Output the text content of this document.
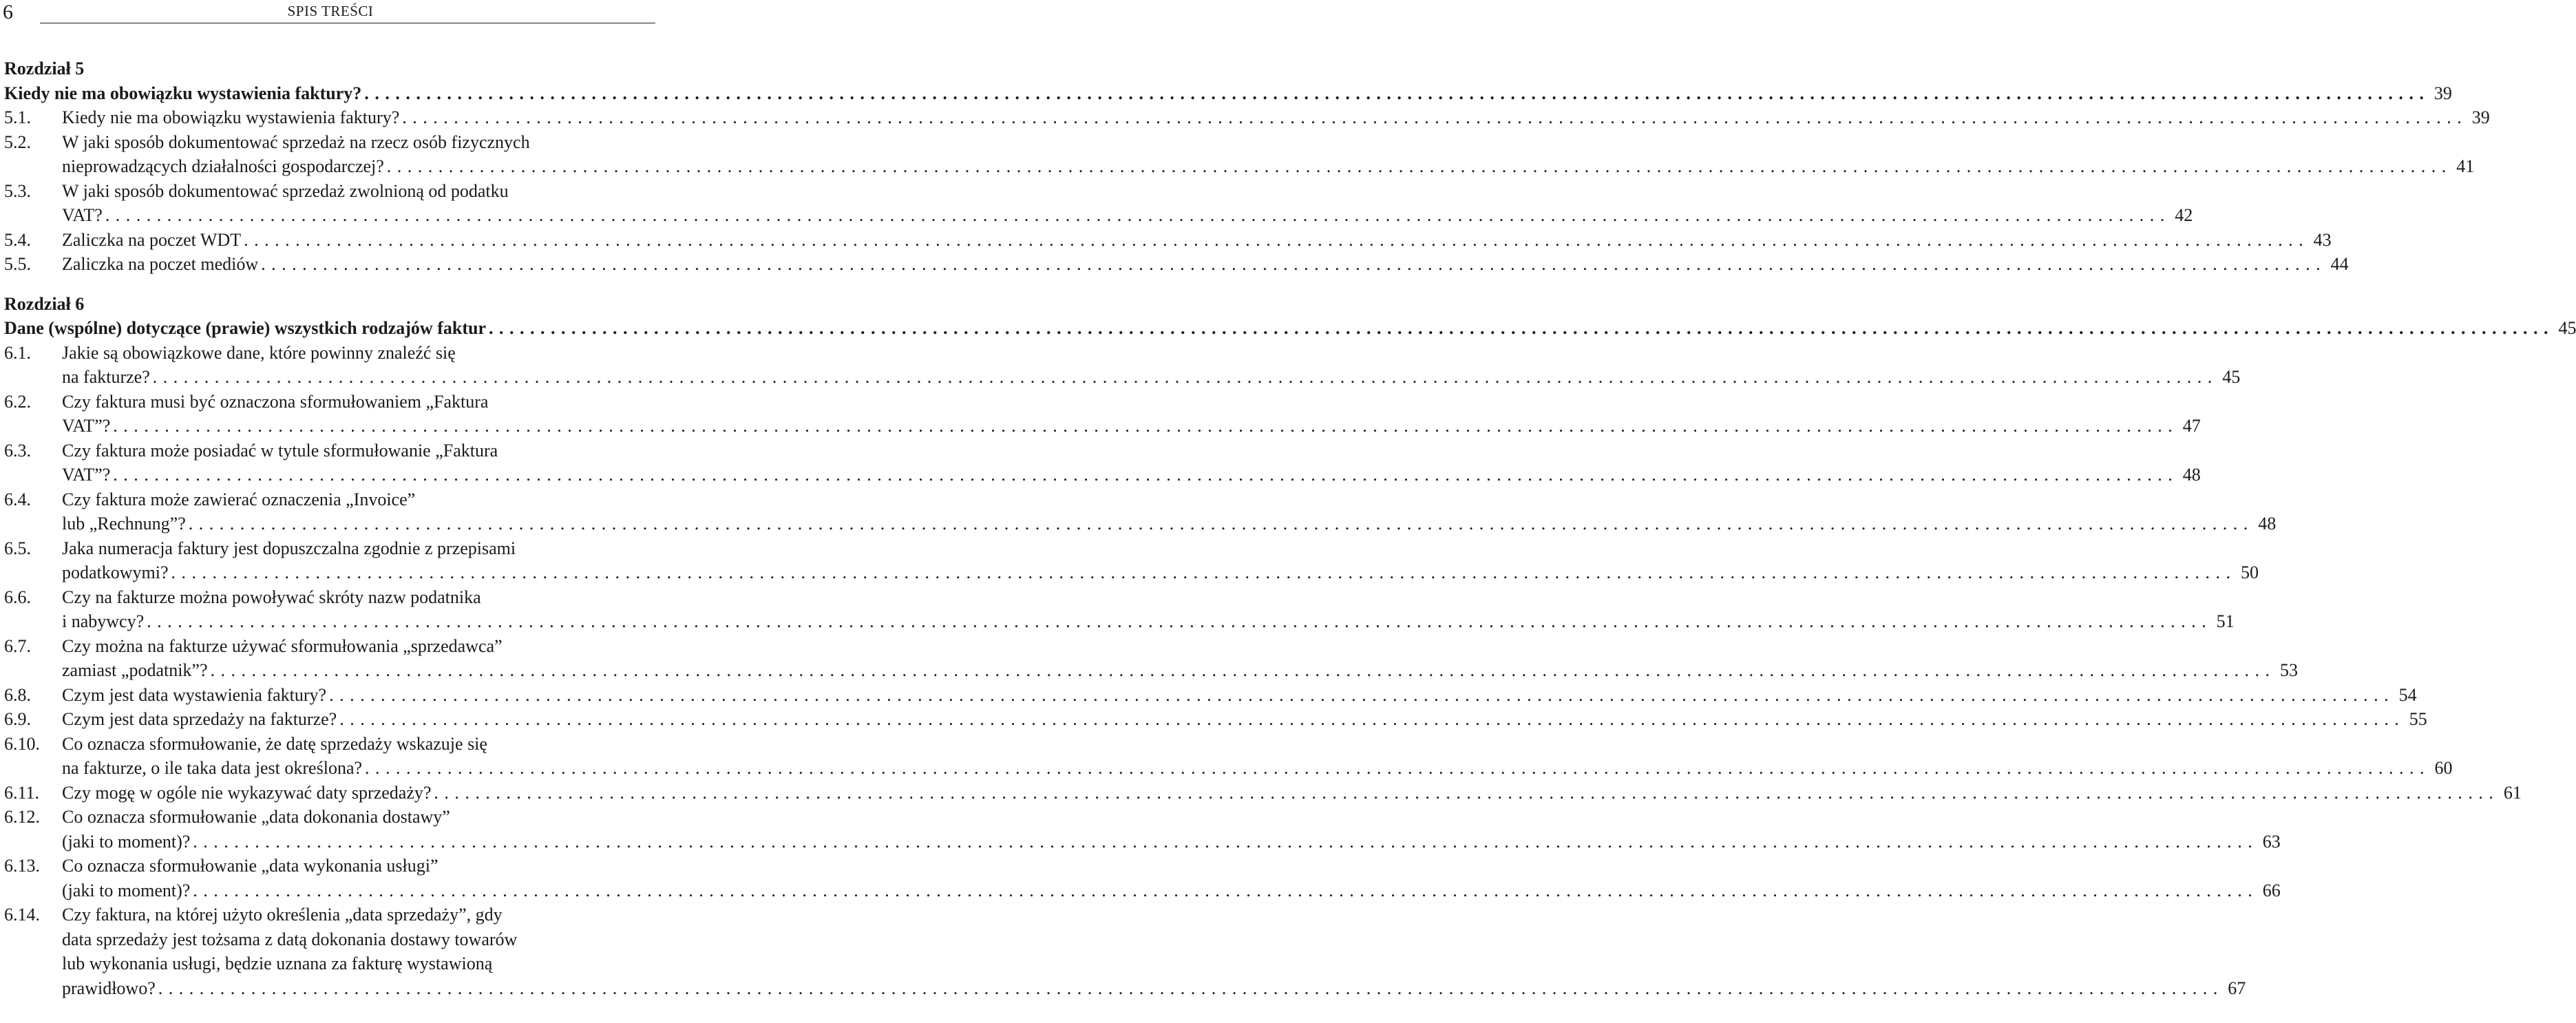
6	SPIS TREŚCI
Rozdział 5
Kiedy nie ma obowiązku wystawienia faktury? . . . . . . . . . . . . . . . . . . . . . . . . . . . . . . . . . . . . . . . . . . . . . . . . . . . . . . . . . . . . . . . . . . . . . . . . . . . . . . . . . . . . . . . . . . . . . . . . . . . . . . . . . . . . . . . . . . . . . . . . . . . . . . . . . . . . . . . . . . . . . . . . . . . . . . . . . . . . . . . . . . . . . . . . . . . . . . . . . . . . . . . . . . . . . . . . . . . . . . . . 39
5.1. Kiedy nie ma obowiązku wystawienia faktury? . . . . . . . . . . . . . . . . . . . . . . . . . . . . . . . . . . . . . . . . . . . . . . . . . . . . . . . . . . . . . . . . . . . . . . . . . . . . . . . . . . . . . . . . . . . . . . . . . . . . . . . . . . . . . . . . . . . . . . . . . . . . . . . . . . . . . . . . . . . . . . . . . . . . . . . . . . . . . . . . . . . . . . . . . . . . . . . . . . . . . . . . . . . . . . . . . . . . . . . . 39
5.2. W jaki sposób dokumentować sprzedaż na rzecz osób fizycznych
nieprowadzących działalności gospodarczej? . . . . . . . . . . . . . . . . . . . . . . . . . . . . . . . . . . . . . . . . . . . . . . . . . . . . . . . . . . . . . . . . . . . . . . . . . . . . . . . . . . . . . . . . . . . . . . . . . . . . . . . . . . . . . . . . . . . . . . . . . . . . . . . . . . . . . . . . . . . . . . . . . . . . . . . . . . . . . . . . . . . . . . . . . . . . . . . . . . . . . . . . . . . . . . . . . . . . . . . . 41
5.3. W jaki sposób dokumentować sprzedaż zwolnioną od podatku
VAT? . . . . . . . . . . . . . . . . . . . . . . . . . . . . . . . . . . . . . . . . . . . . . . . . . . . . . . . . . . . . . . . . . . . . . . . . . . . . . . . . . . . . . . . . . . . . . . . . . . . . . . . . . . . . . . . . . . . . . . . . . . . . . . . . . . . . . . . . . . . . . . . . . . . . . . . . . . . . . . . . . . . . . . . . . . . . . . . . . . . . . . . . . . . . . . . . . . . . . . . . 42
5.4. Zaliczka na poczet WDT . . . . . . . . . . . . . . . . . . . . . . . . . . . . . . . . . . . . . . . . . . . . . . . . . . . . . . . . . . . . . . . . . . . . . . . . . . . . . . . . . . . . . . . . . . . . . . . . . . . . . . . . . . . . . . . . . . . . . . . . . . . . . . . . . . . . . . . . . . . . . . . . . . . . . . . . . . . . . . . . . . . . . . . . . . . . . . . . . . . . . . . . . . . . . . . . . . . . . . . . 43
5.5. Zaliczka na poczet mediów . . . . . . . . . . . . . . . . . . . . . . . . . . . . . . . . . . . . . . . . . . . . . . . . . . . . . . . . . . . . . . . . . . . . . . . . . . . . . . . . . . . . . . . . . . . . . . . . . . . . . . . . . . . . . . . . . . . . . . . . . . . . . . . . . . . . . . . . . . . . . . . . . . . . . . . . . . . . . . . . . . . . . . . . . . . . . . . . . . . . . . . . . . . . . . . . . . . . . . . . 44
Rozdział 6
Dane (wspólne) dotyczące (prawie) wszystkich rodzajów faktur . . . . . . . . . . . . . . . . . . . . . . . . . . . . . . . . . . . . . . . . . . . . . . . . . . . . . . . . . . . . . . . . . . . . . . . . . . . . . . . . . . . . . . . . . . . . . . . . . . . . . . . . . . . . . . . . . . . . . . . . . . . . . . . . . . . . . . . . . . . . . . . . . . . . . . . . . . . . . . . . . . . . . . . . . . . . . . . . . . . . . . . . . . . . . . . . . . . . . . . . 45
6.1. Jakie są obowiązkowe dane, które powinny znaleźć się
na fakturze? . . . . . . . . . . . . . . . . . . . . . . . . . . . . . . . . . . . . . . . . . . . . . . . . . . . . . . . . . . . . . . . . . . . . . . . . . . . . . . . . . . . . . . . . . . . . . . . . . . . . . . . . . . . . . . . . . . . . . . . . . . . . . . . . . . . . . . . . . . . . . . . . . . . . . . . . . . . . . . . . . . . . . . . . . . . . . . . . . . . . . . . . . . . . . . . . . . . . . . . . 45
6.2. Czy faktura musi być oznaczona sformułowaniem „Faktura
VAT”? . . . . . . . . . . . . . . . . . . . . . . . . . . . . . . . . . . . . . . . . . . . . . . . . . . . . . . . . . . . . . . . . . . . . . . . . . . . . . . . . . . . . . . . . . . . . . . . . . . . . . . . . . . . . . . . . . . . . . . . . . . . . . . . . . . . . . . . . . . . . . . . . . . . . . . . . . . . . . . . . . . . . . . . . . . . . . . . . . . . . . . . . . . . . . . . . . . . . . . . . 47
6.3. Czy faktura może posiadać w tytule sformułowanie „Faktura
VAT”? . . . . . . . . . . . . . . . . . . . . . . . . . . . . . . . . . . . . . . . . . . . . . . . . . . . . . . . . . . . . . . . . . . . . . . . . . . . . . . . . . . . . . . . . . . . . . . . . . . . . . . . . . . . . . . . . . . . . . . . . . . . . . . . . . . . . . . . . . . . . . . . . . . . . . . . . . . . . . . . . . . . . . . . . . . . . . . . . . . . . . . . . . . . . . . . . . . . . . . . . 48
6.4. Czy faktura może zawierać oznaczenia „Invoice”
lub „Rechnung”? . . . . . . . . . . . . . . . . . . . . . . . . . . . . . . . . . . . . . . . . . . . . . . . . . . . . . . . . . . . . . . . . . . . . . . . . . . . . . . . . . . . . . . . . . . . . . . . . . . . . . . . . . . . . . . . . . . . . . . . . . . . . . . . . . . . . . . . . . . . . . . . . . . . . . . . . . . . . . . . . . . . . . . . . . . . . . . . . . . . . . . . . . . . . . . . . . . . . . . . . 48
6.5. Jaka numeracja faktury jest dopuszczalna zgodnie z przepisami
podatkowymi? . . . . . . . . . . . . . . . . . . . . . . . . . . . . . . . . . . . . . . . . . . . . . . . . . . . . . . . . . . . . . . . . . . . . . . . . . . . . . . . . . . . . . . . . . . . . . . . . . . . . . . . . . . . . . . . . . . . . . . . . . . . . . . . . . . . . . . . . . . . . . . . . . . . . . . . . . . . . . . . . . . . . . . . . . . . . . . . . . . . . . . . . . . . . . . . . . . . . . . . . 50
6.6. Czy na fakturze można powoływać skróty nazw podatnika
i nabywcy? . . . . . . . . . . . . . . . . . . . . . . . . . . . . . . . . . . . . . . . . . . . . . . . . . . . . . . . . . . . . . . . . . . . . . . . . . . . . . . . . . . . . . . . . . . . . . . . . . . . . . . . . . . . . . . . . . . . . . . . . . . . . . . . . . . . . . . . . . . . . . . . . . . . . . . . . . . . . . . . . . . . . . . . . . . . . . . . . . . . . . . . . . . . . . . . . . . . . . . . . 51
6.7. Czy można na fakturze używać sformułowania „sprzedawca”
zamiast „podatnik”? . . . . . . . . . . . . . . . . . . . . . . . . . . . . . . . . . . . . . . . . . . . . . . . . . . . . . . . . . . . . . . . . . . . . . . . . . . . . . . . . . . . . . . . . . . . . . . . . . . . . . . . . . . . . . . . . . . . . . . . . . . . . . . . . . . . . . . . . . . . . . . . . . . . . . . . . . . . . . . . . . . . . . . . . . . . . . . . . . . . . . . . . . . . . . . . . . . . . . . . . 53
6.8. Czym jest data wystawienia faktury? . . . . . . . . . . . . . . . . . . . . . . . . . . . . . . . . . . . . . . . . . . . . . . . . . . . . . . . . . . . . . . . . . . . . . . . . . . . . . . . . . . . . . . . . . . . . . . . . . . . . . . . . . . . . . . . . . . . . . . . . . . . . . . . . . . . . . . . . . . . . . . . . . . . . . . . . . . . . . . . . . . . . . . . . . . . . . . . . . . . . . . . . . . . . . . . . . . . . . . . . 54
6.9. Czym jest data sprzedaży na fakturze? . . . . . . . . . . . . . . . . . . . . . . . . . . . . . . . . . . . . . . . . . . . . . . . . . . . . . . . . . . . . . . . . . . . . . . . . . . . . . . . . . . . . . . . . . . . . . . . . . . . . . . . . . . . . . . . . . . . . . . . . . . . . . . . . . . . . . . . . . . . . . . . . . . . . . . . . . . . . . . . . . . . . . . . . . . . . . . . . . . . . . . . . . . . . . . . . . . . . . . . . 55
6.10. Co oznacza sformułowanie, że datę sprzedaży wskazuje się
na fakturze, o ile taka data jest określona? . . . . . . . . . . . . . . . . . . . . . . . . . . . . . . . . . . . . . . . . . . . . . . . . . . . . . . . . . . . . . . . . . . . . . . . . . . . . . . . . . . . . . . . . . . . . . . . . . . . . . . . . . . . . . . . . . . . . . . . . . . . . . . . . . . . . . . . . . . . . . . . . . . . . . . . . . . . . . . . . . . . . . . . . . . . . . . . . . . . . . . . . . . . . . . . . . . . . . . . . 60
6.11. Czy mogę w ogóle nie wykazywać daty sprzedaży? . . . . . . . . . . . . . . . . . . . . . . . . . . . . . . . . . . . . . . . . . . . . . . . . . . . . . . . . . . . . . . . . . . . . . . . . . . . . . . . . . . . . . . . . . . . . . . . . . . . . . . . . . . . . . . . . . . . . . . . . . . . . . . . . . . . . . . . . . . . . . . . . . . . . . . . . . . . . . . . . . . . . . . . . . . . . . . . . . . . . . . . . . . . . . . . . . . . . . . . . 61
6.12. Co oznacza sformułowanie „data dokonania dostawy”
(jaki to moment)? . . . . . . . . . . . . . . . . . . . . . . . . . . . . . . . . . . . . . . . . . . . . . . . . . . . . . . . . . . . . . . . . . . . . . . . . . . . . . . . . . . . . . . . . . . . . . . . . . . . . . . . . . . . . . . . . . . . . . . . . . . . . . . . . . . . . . . . . . . . . . . . . . . . . . . . . . . . . . . . . . . . . . . . . . . . . . . . . . . . . . . . . . . . . . . . . . . . . . . . . 63
6.13. Co oznacza sformułowanie „data wykonania usługi”
(jaki to moment)? . . . . . . . . . . . . . . . . . . . . . . . . . . . . . . . . . . . . . . . . . . . . . . . . . . . . . . . . . . . . . . . . . . . . . . . . . . . . . . . . . . . . . . . . . . . . . . . . . . . . . . . . . . . . . . . . . . . . . . . . . . . . . . . . . . . . . . . . . . . . . . . . . . . . . . . . . . . . . . . . . . . . . . . . . . . . . . . . . . . . . . . . . . . . . . . . . . . . . . . . 66
6.14. Czy faktura, na której użyto określenia „data sprzedaży”, gdy
data sprzedaży jest tożsama z datą dokonania dostawy towarów
lub wykonania usługi, będzie uznana za fakturę wystawioną
prawidłowo? . . . . . . . . . . . . . . . . . . . . . . . . . . . . . . . . . . . . . . . . . . . . . . . . . . . . . . . . . . . . . . . . . . . . . . . . . . . . . . . . . . . . . . . . . . . . . . . . . . . . . . . . . . . . . . . . . . . . . . . . . . . . . . . . . . . . . . . . . . . . . . . . . . . . . . . . . . . . . . . . . . . . . . . . . . . . . . . . . . . . . . . . . . . . . . . . . . . . . . . . 67
